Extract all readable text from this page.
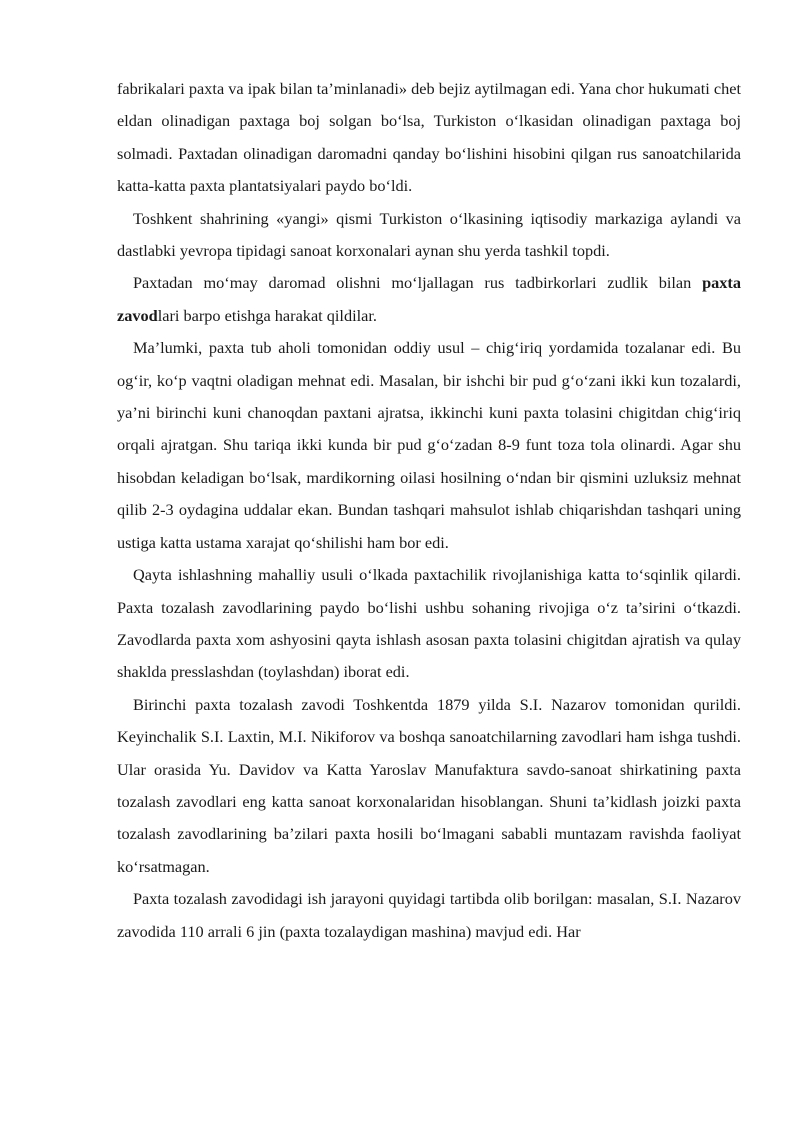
fabrikalari paxta va ipak bilan ta’minlanadi» deb bejiz aytilmagan edi. Yana chor hukumati chet eldan olinadigan paxtaga boj solgan bo‘lsa, Turkiston o‘lkasidan olinadigan paxtaga boj solmadi. Paxtadan olinadigan daromadni qanday bo‘lishini hisobini qilgan rus sanoatchilarida katta-katta paxta plantatsiyalari paydo bo‘ldi.

Toshkent shahrining «yangi» qismi Turkiston o‘lkasining iqtisodiy markaziga aylandi va dastlabki yevropa tipidagi sanoat korxonalari aynan shu yerda tashkil topdi.

Paxtadan mo‘may daromad olishni mo‘ljallagan rus tadbirkorlari zudlik bilan paxta zavodlari barpo etishga harakat qildilar.

Ma’lumki, paxta tub aholi tomonidan oddiy usul – chig‘iriq yordamida tozalanar edi. Bu og‘ir, ko‘p vaqtni oladigan mehnat edi. Masalan, bir ishchi bir pud g‘o‘zani ikki kun tozalardi, ya’ni birinchi kuni chanoqdan paxtani ajratsa, ikkinchi kuni paxta tolasini chigitdan chig‘iriq orqali ajratgan. Shu tariqa ikki kunda bir pud g‘o‘zadan 8-9 funt toza tola olinardi. Agar shu hisobdan keladigan bo‘lsak, mardikorning oilasi hosilning o‘ndan bir qismini uzluksiz mehnat qilib 2-3 oydagina uddalar ekan. Bundan tashqari mahsulot ishlab chiqarishdan tashqari uning ustiga katta ustama xarajat qo‘shilishi ham bor edi.

Qayta ishlashning mahalliy usuli o‘lkada paxtachilik rivojlanishiga katta to‘sqinlik qilardi. Paxta tozalash zavodlarining paydo bo‘lishi ushbu sohaning rivojiga o‘z ta’sirini o‘tkazdi. Zavodlarda paxta xom ashyosini qayta ishlash asosan paxta tolasini chigitdan ajratish va qulay shaklda presslashdan (toylashdan) iborat edi.

Birinchi paxta tozalash zavodi Toshkentda 1879 yilda S.I. Nazarov tomonidan qurildi. Keyinchalik S.I. Laxtin, M.I. Nikiforov va boshqa sanoatchilarning zavodlari ham ishga tushdi. Ular orasida Yu. Davidov va Katta Yaroslav Manufaktura savdo-sanoat shirkatining paxta tozalash zavodlari eng katta sanoat korxonalaridan hisoblangan. Shuni ta’kidlash joizki paxta tozalash zavodlarining ba’zilari paxta hosili bo‘lmagani sababli muntazam ravishda faoliyat ko‘rsatmagan.

Paxta tozalash zavodidagi ish jarayoni quyidagi tartibda olib borilgan: masalan, S.I. Nazarov zavodida 110 arrali 6 jin (paxta tozalaydigan mashina) mavjud edi. Har
